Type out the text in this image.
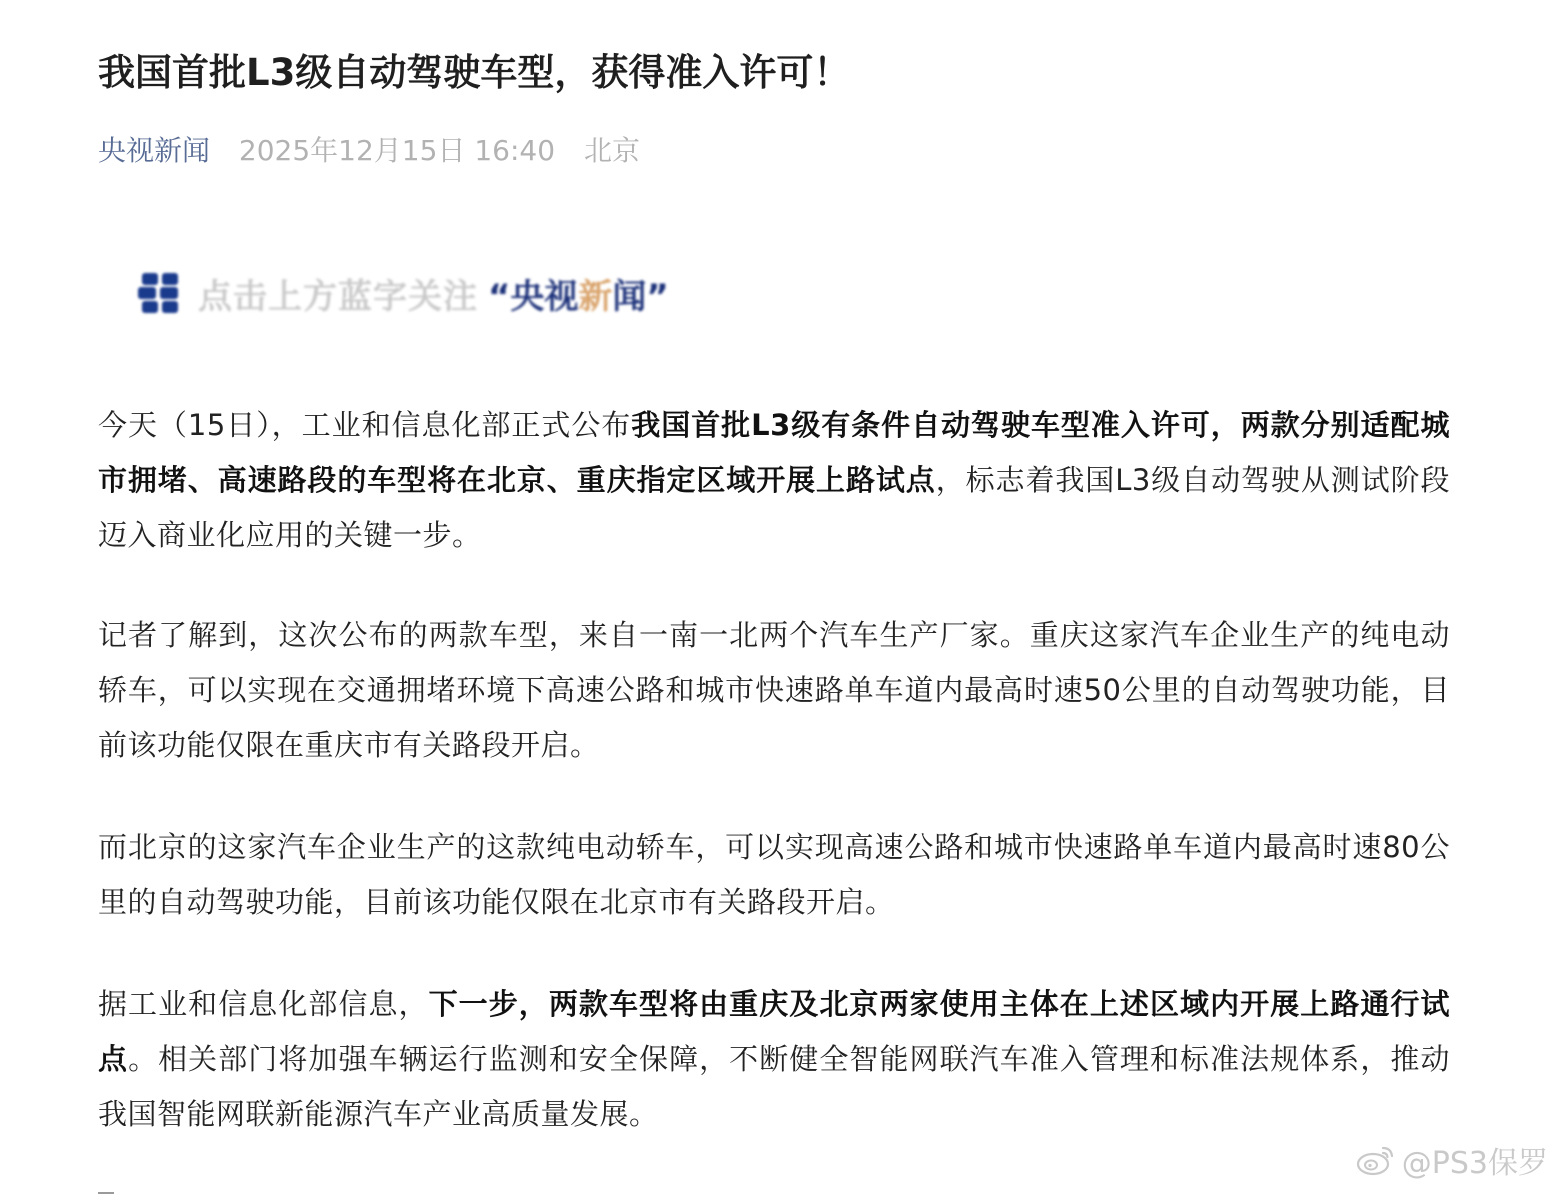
我国首批L3级自动驾驶车型，获得准入许可！
央视新闻 2025年12月15日 16:40 北京
点击上方蓝字关注 “央视新闻”

今天（15日），工业和信息化部正式公布我国首批L3级有条件自动驾驶车型准入许可，两款分别适配城市拥堵、高速路段的车型将在北京、重庆指定区域开展上路试点，标志着我国L3级自动驾驶从测试阶段迈入商业化应用的关键一步。

记者了解到，这次公布的两款车型，来自一南一北两个汽车生产厂家。重庆这家汽车企业生产的纯电动轿车，可以实现在交通拥堵环境下高速公路和城市快速路单车道内最高时速50公里的自动驾驶功能，目前该功能仅限在重庆市有关路段开启。

而北京的这家汽车企业生产的这款纯电动轿车，可以实现高速公路和城市快速路单车道内最高时速80公里的自动驾驶功能，目前该功能仅限在北京市有关路段开启。

据工业和信息化部信息，下一步，两款车型将由重庆及北京两家使用主体在上述区域内开展上路通行试点。相关部门将加强车辆运行监测和安全保障，不断健全智能网联汽车准入管理和标准法规体系，推动我国智能网联新能源汽车产业高质量发展。

@PS3保罗
